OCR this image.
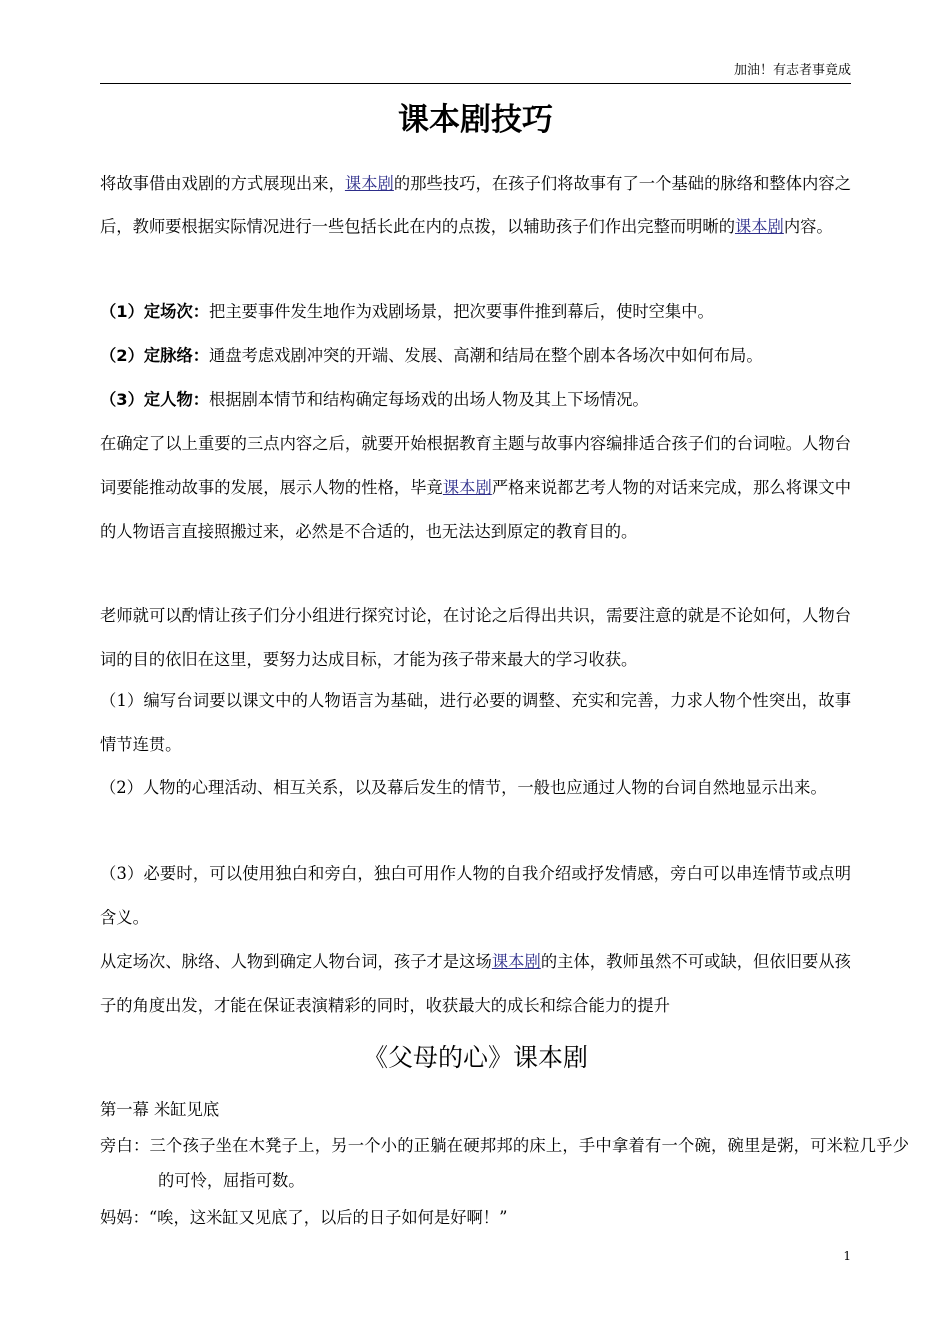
加油！有志者事竟成
课本剧技巧

将故事借由戏剧的方式展现出来，课本剧的那些技巧，在孩子们将故事有了一个基础的脉络和整体内容之后，教师要根据实际情况进行一些包括长此在内的点拨，以辅助孩子们作出完整而明晰的课本剧内容。

（1）定场次：把主要事件发生地作为戏剧场景，把次要事件推到幕后，使时空集中。

（2）定脉络：通盘考虑戏剧冲突的开端、发展、高潮和结局在整个剧本各场次中如何布局。

（3）定人物：根据剧本情节和结构确定每场戏的出场人物及其上下场情况。

在确定了以上重要的三点内容之后，就要开始根据教育主题与故事内容编排适合孩子们的台词啦。人物台词要能推动故事的发展，展示人物的性格，毕竟课本剧严格来说都艺考人物的对话来完成，那么将课文中的人物语言直接照搬过来，必然是不合适的，也无法达到原定的教育目的。

老师就可以酌情让孩子们分小组进行探究讨论，在讨论之后得出共识，需要注意的就是不论如何，人物台词的目的依旧在这里，要努力达成目标，才能为孩子带来最大的学习收获。

（1）编写台词要以课文中的人物语言为基础，进行必要的调整、充实和完善，力求人物个性突出，故事情节连贯。

（2）人物的心理活动、相互关系，以及幕后发生的情节，一般也应通过人物的台词自然地显示出来。

（3）必要时，可以使用独白和旁白，独白可用作人物的自我介绍或抒发情感，旁白可以串连情节或点明含义。

从定场次、脉络、人物到确定人物台词，孩子才是这场课本剧的主体，教师虽然不可或缺，但依旧要从孩子的角度出发，才能在保证表演精彩的同时，收获最大的成长和综合能力的提升

《父母的心》课本剧

第一幕 米缸见底

旁白：三个孩子坐在木凳子上，另一个小的正躺在硬邦邦的床上，手中拿着有一个碗，碗里是粥，可米粒几乎少的可怜，屈指可数。

妈妈：“唉，这米缸又见底了，以后的日子如何是好啊！”

1
